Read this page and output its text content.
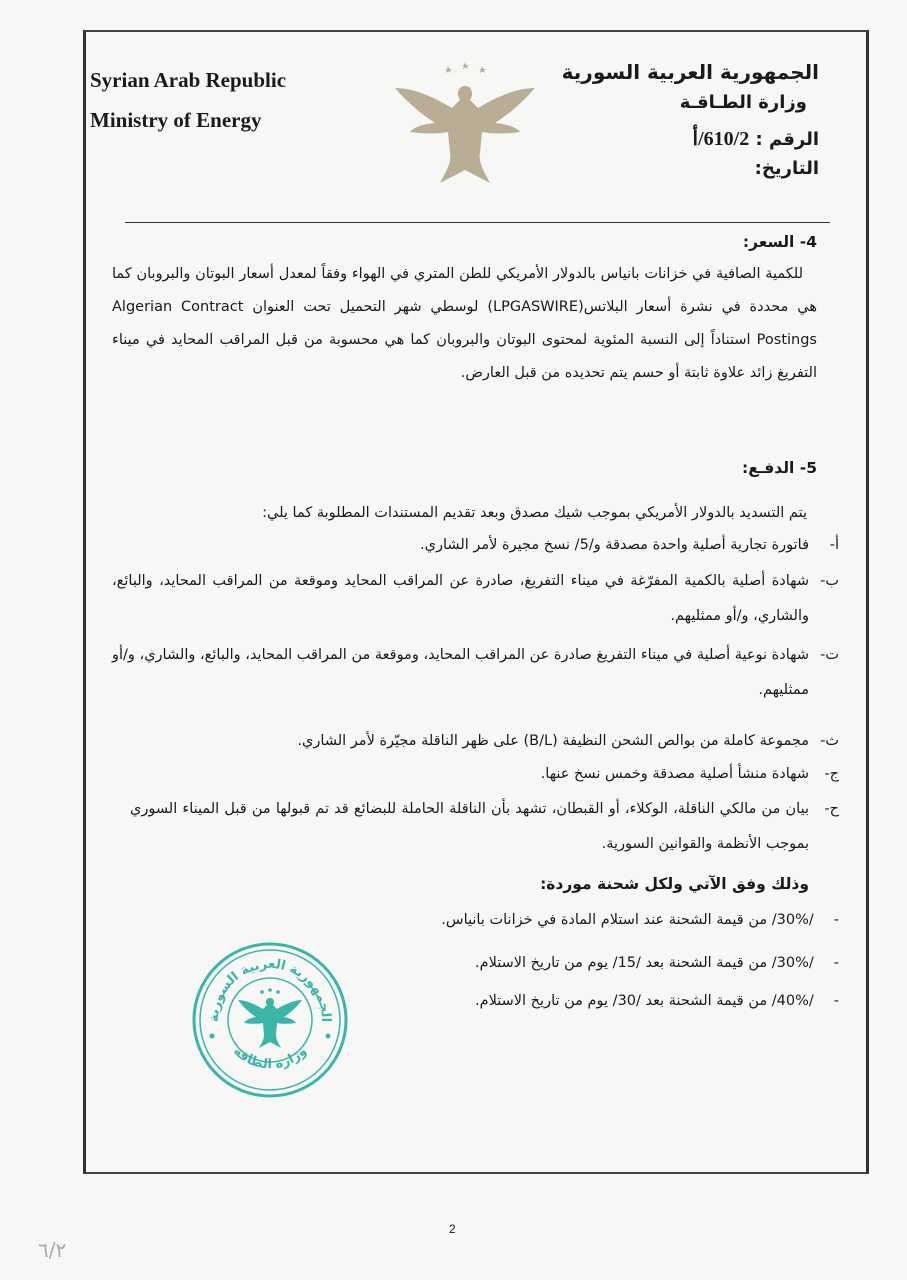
Syrian Arab Republic
Ministry of Energy
الجمهورية العربية السورية
وزارة الطـاقـة
الرقم : 610/2/أ
التاريخ:
4- السعر:
للكمية الصافية في خزانات بانياس بالدولار الأمريكي للطن المتري في الهواء وفقاً لمعدل أسعار البوتان والبروبان كما هي محددة في نشرة أسعار البلاتس(LPGASWIRE) لوسطي شهر التحميل تحت العنوان Algerian Contract Postings استناداً إلى النسبة المئوية لمحتوى البوتان والبروبان كما هي محسوبة من قبل المراقب المحايد في ميناء التفريغ زائد علاوة ثابتة أو حسم يتم تحديده من قبل العارض.
5- الدفـع:
يتم التسديد بالدولار الأمريكي بموجب شيك مصدق وبعد تقديم المستندات المطلوبة كما يلي:
أ-
فاتورة تجارية أصلية واحدة مصدقة و/5/ نسخ مجيرة لأمر الشاري.
ب-
شهادة أصلية بالكمية المفرّغة في ميناء التفريغ، صادرة عن المراقب المحايد وموقعة من المراقب المحايد، والبائع، والشاري، و/أو ممثليهم.
ت-
شهادة نوعية أصلية في ميناء التفريغ صادرة عن المراقب المحايد، وموقعة من المراقب المحايد، والبائع، والشاري، و/أو ممثليهم.
ث-
مجموعة كاملة من بوالص الشحن النظيفة (B/L) على ظهر الناقلة مجيّرة لأمر الشاري.
ج-
شهادة منشأ أصلية مصدقة وخمس نسخ عنها.
ح-
بيان من مالكي الناقلة، الوكلاء، أو القبطان، تشهد بأن الناقلة الحاملة للبضائع قد تم قبولها من قبل الميناء السوري بموجب الأنظمة والقوانين السورية.
وذلك وفق الآتي ولكل شحنة موردة:
-/30%/ من قيمة الشحنة عند استلام المادة في خزانات بانياس.
-/30%/ من قيمة الشحنة بعد /15/ يوم من تاريخ الاستلام.
-/40%/ من قيمة الشحنة بعد /30/ يوم من تاريخ الاستلام.
الجمهورية العربية السورية
وزارة الطاقة
2
٦/٢
